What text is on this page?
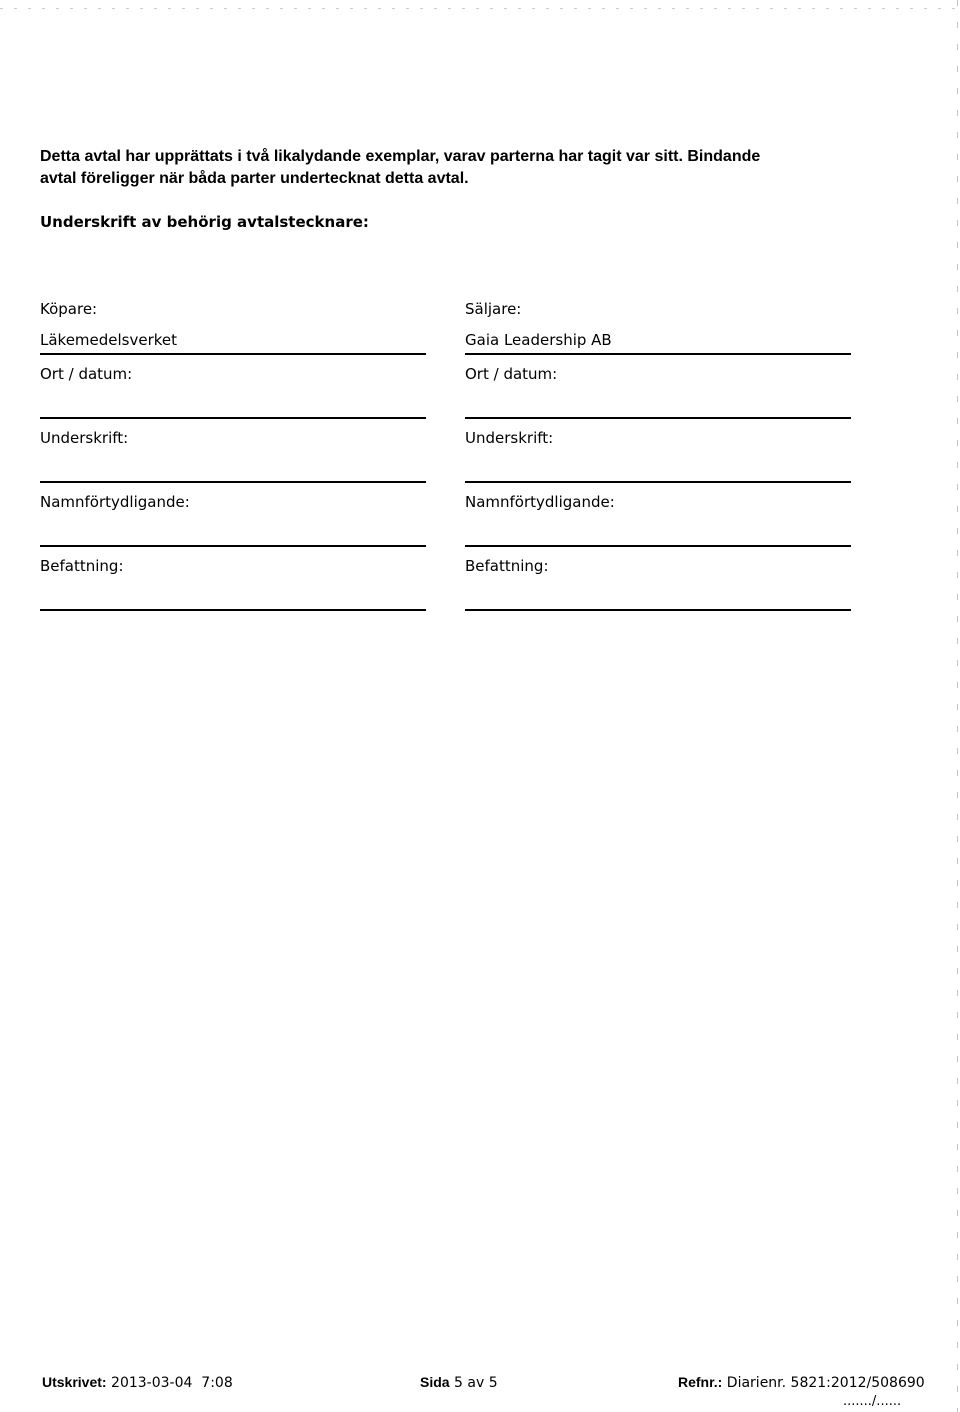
Detta avtal har upprättats i två likalydande exemplar, varav parterna har tagit var sitt. Bindande avtal föreligger när båda parter undertecknat detta avtal.

Underskrift av behörig avtalstecknare:

Köpare:
Läkemedelsverket
Ort / datum:
Underskrift:
Namnförtydligande:
Befattning:
Säljare:
Gaia Leadership AB
Ort / datum:
Underskrift:
Namnförtydligande:
Befattning:
Utskrivet: 2013-03-04  7:08	Sida 5 av 5	Refnr.: Diarienr. 5821:2012/508690
......./......
